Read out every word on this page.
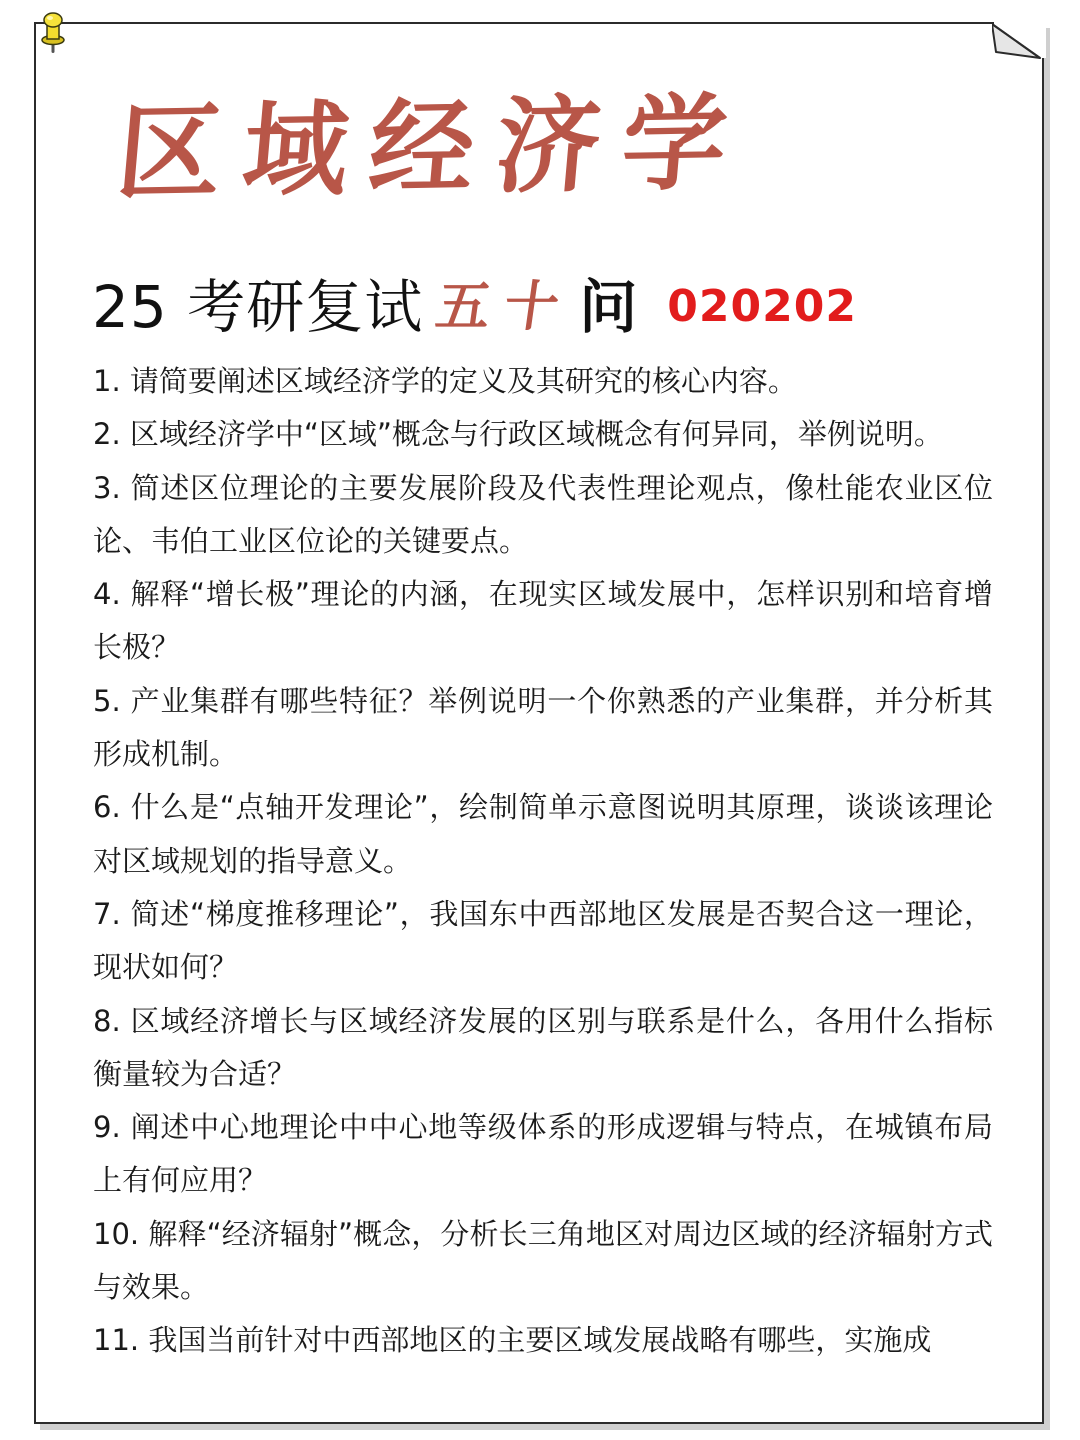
区域经济学
25 考研复试 五十 问 020202
1. 请简要阐述区域经济学的定义及其研究的核心内容。
2. 区域经济学中“区域”概念与行政区域概念有何异同，举例说明。
3. 简述区位理论的主要发展阶段及代表性理论观点，像杜能农业区位论、韦伯工业区位论的关键要点。
4. 解释“增长极”理论的内涵，在现实区域发展中，怎样识别和培育增长极？
5. 产业集群有哪些特征？举例说明一个你熟悉的产业集群，并分析其形成机制。
6. 什么是“点轴开发理论”，绘制简单示意图说明其原理，谈谈该理论对区域规划的指导意义。
7. 简述“梯度推移理论”，我国东中西部地区发展是否契合这一理论，现状如何？
8. 区域经济增长与区域经济发展的区别与联系是什么，各用什么指标衡量较为合适？
9. 阐述中心地理论中中心地等级体系的形成逻辑与特点，在城镇布局上有何应用？
10. 解释“经济辐射”概念，分析长三角地区对周边区域的经济辐射方式与效果。
11. 我国当前针对中西部地区的主要区域发展战略有哪些，实施成
